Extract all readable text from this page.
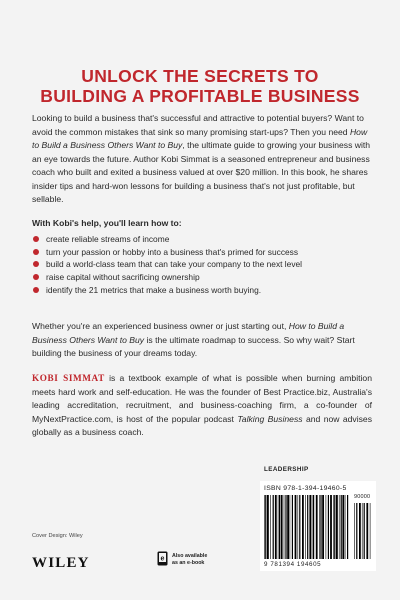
UNLOCK THE SECRETS TO
BUILDING A PROFITABLE BUSINESS
Looking to build a business that's successful and attractive to potential buyers? Want to avoid the common mistakes that sink so many promising start-ups? Then you need How to Build a Business Others Want to Buy, the ultimate guide to growing your business with an eye towards the future. Author Kobi Simmat is a seasoned entrepreneur and business coach who built and exited a business valued at over $20 million. In this book, he shares insider tips and hard-won lessons for building a business that's not just profitable, but sellable.
With Kobi's help, you'll learn how to:
create reliable streams of income
turn your passion or hobby into a business that's primed for success
build a world-class team that can take your company to the next level
raise capital without sacrificing ownership
identify the 21 metrics that make a business worth buying.
Whether you're an experienced business owner or just starting out, How to Build a Business Others Want to Buy is the ultimate roadmap to success. So why wait? Start building the business of your dreams today.
KOBI SIMMAT is a textbook example of what is possible when burning ambition meets hard work and self-education. He was the founder of Best Practice.biz, Australia's leading accreditation, recruitment, and business-coaching firm, a co-founder of MyNextPractice.com, is host of the popular podcast Talking Business and now advises globally as a business coach.
LEADERSHIP
ISBN 978-1-394-19460-5
90000
9 781394 194605
Cover Design: Wiley
WILEY	e Also available
as an e-book
